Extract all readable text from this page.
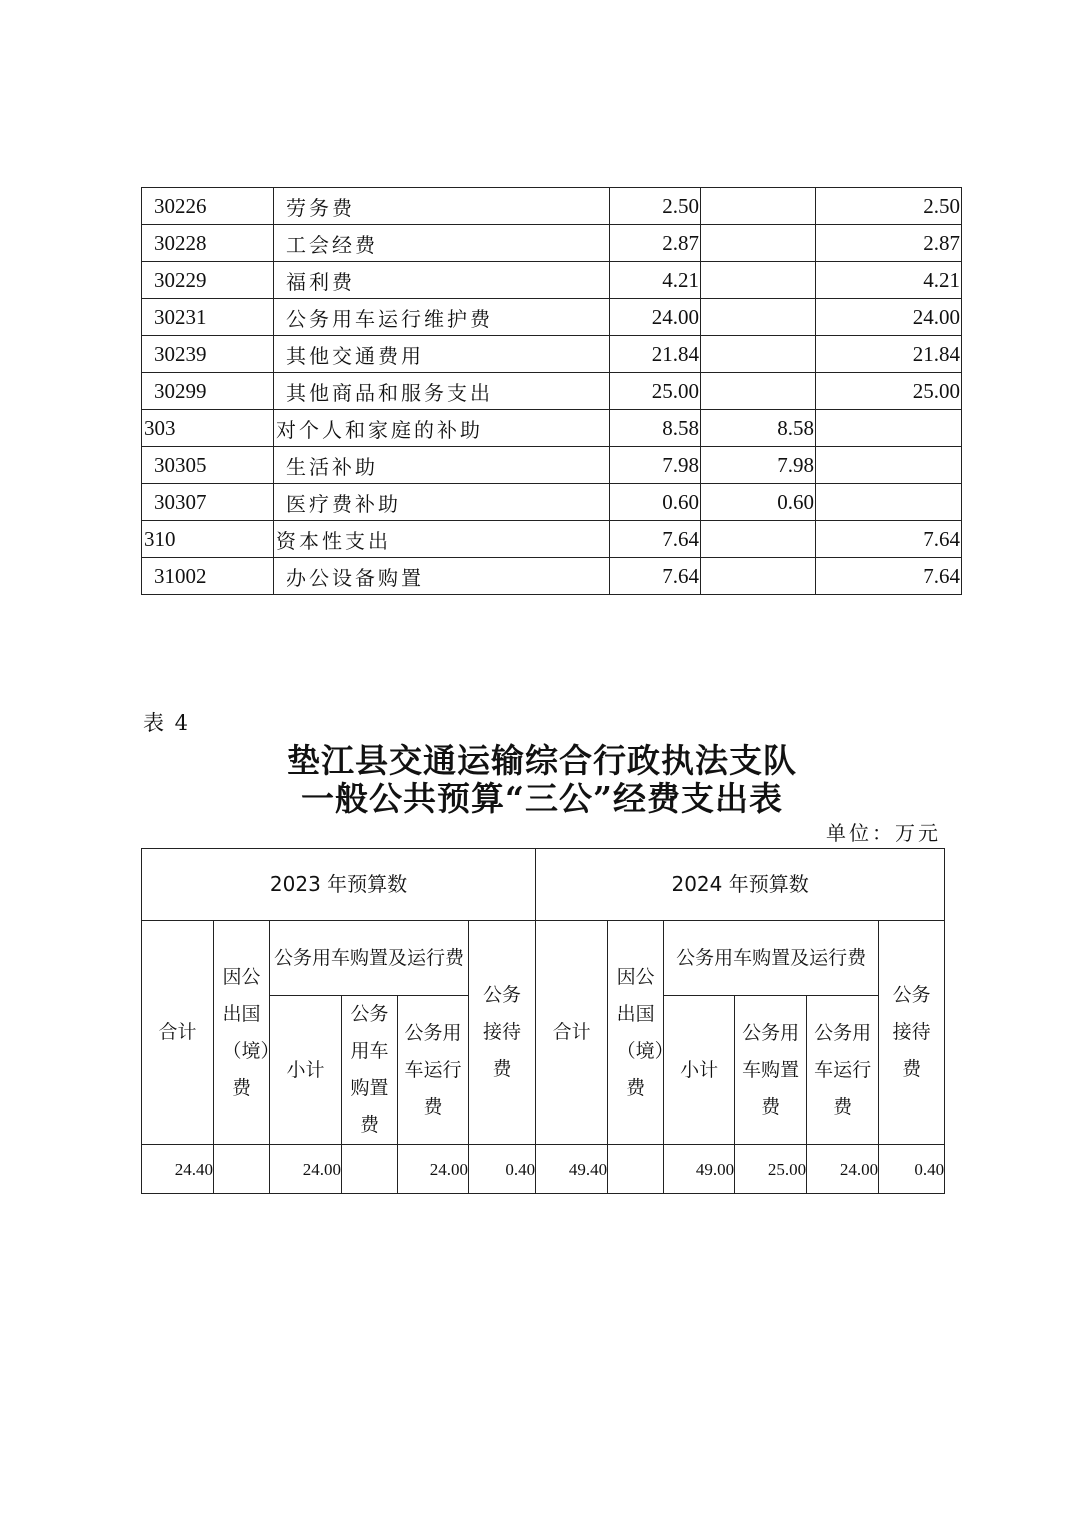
30226	劳务费	2.50		2.50
30228	工会经费	2.87		2.87
30229	福利费	4.21		4.21
30231	公务用车运行维护费	24.00		24.00
30239	其他交通费用	21.84		21.84
30299	其他商品和服务支出	25.00		25.00
303	对个人和家庭的补助	8.58	8.58	
30305	生活补助	7.98	7.98	
30307	医疗费补助	0.60	0.60	
310	资本性支出	7.64		7.64
31002	办公设备购置	7.64		7.64
表 4
垫江县交通运输综合行政执法支队
一般公共预算“三公”经费支出表
单位：万元
2023 年预算数						2024 年预算数					
合计	因公出国（境）费	公务用车购置及运行费			公务接待费	合计	因公出国（境）费	公务用车购置及运行费			公务接待费
		小计	公务用车购置费	公务用车运行费				小计	公务用车购置费	公务用车运行费	
24.40		24.00		24.00	0.40	49.40		49.00	25.00	24.00	0.40
